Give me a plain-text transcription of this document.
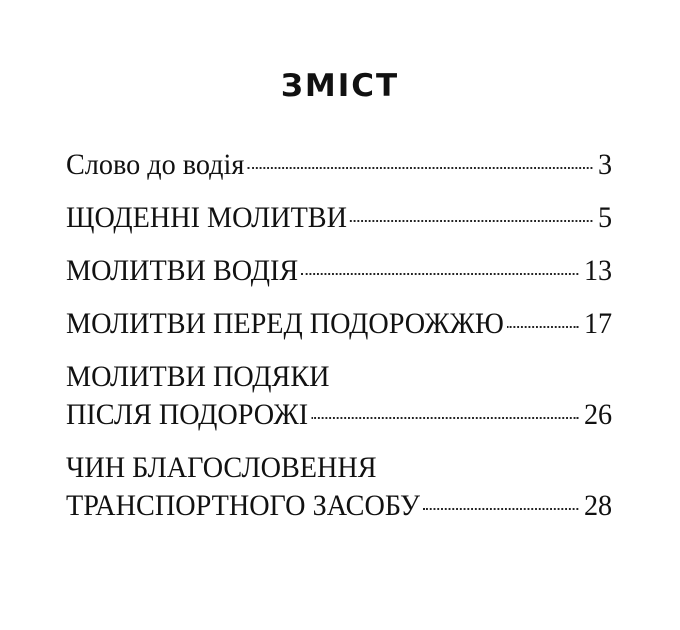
ЗМІСТ
Слово до водія	3
ЩОДЕННІ МОЛИТВИ	5
МОЛИТВИ ВОДІЯ	13
МОЛИТВИ ПЕРЕД ПОДОРОЖЖЮ	17
МОЛИТВИ ПОДЯКИ
ПІСЛЯ ПОДОРОЖІ	26
ЧИН БЛАГОСЛОВЕННЯ
ТРАНСПОРТНОГО ЗАСОБУ	28
